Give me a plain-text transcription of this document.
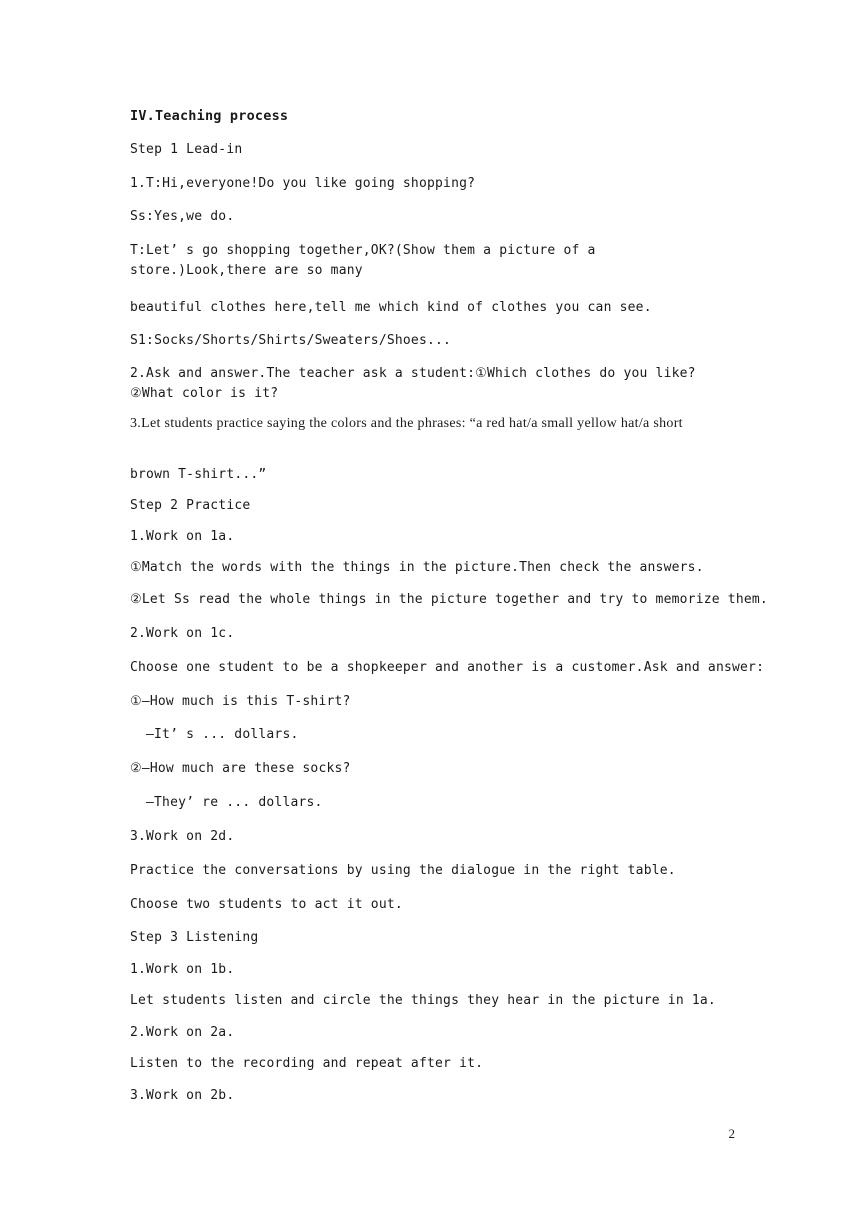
IV.Teaching process
Step 1 Lead-in
1.T:Hi,everyone!Do you like going shopping?
Ss:Yes,we do.
T:Let’ s go shopping together,OK?(Show them a picture of a store.)Look,there are so many
beautiful clothes here,tell me which kind of clothes you can see.
S1:Socks/Shorts/Shirts/Sweaters/Shoes...
2.Ask and answer.The teacher ask a student:①Which clothes do you like?②What color is it?
3.Let students practice saying the colors and the phrases: “a red hat/a small yellow hat/a short
brown T-shirt...”
Step 2 Practice
1.Work on 1a.
①Match the words with the things in the picture.Then check the answers.
②Let Ss read the whole things in the picture together and try to memorize them.
2.Work on 1c.
Choose one student to be a shopkeeper and another is a customer.Ask and answer:
①—How much is this T-shirt?
—It’ s ... dollars.
②—How much are these socks?
—They’ re ... dollars.
3.Work on 2d.
Practice the conversations by using the dialogue in the right table.
Choose two students to act it out.
Step 3 Listening
1.Work on 1b.
Let students listen and circle the things they hear in the picture in 1a.
2.Work on 2a.
Listen to the recording and repeat after it.
3.Work on 2b.
2
